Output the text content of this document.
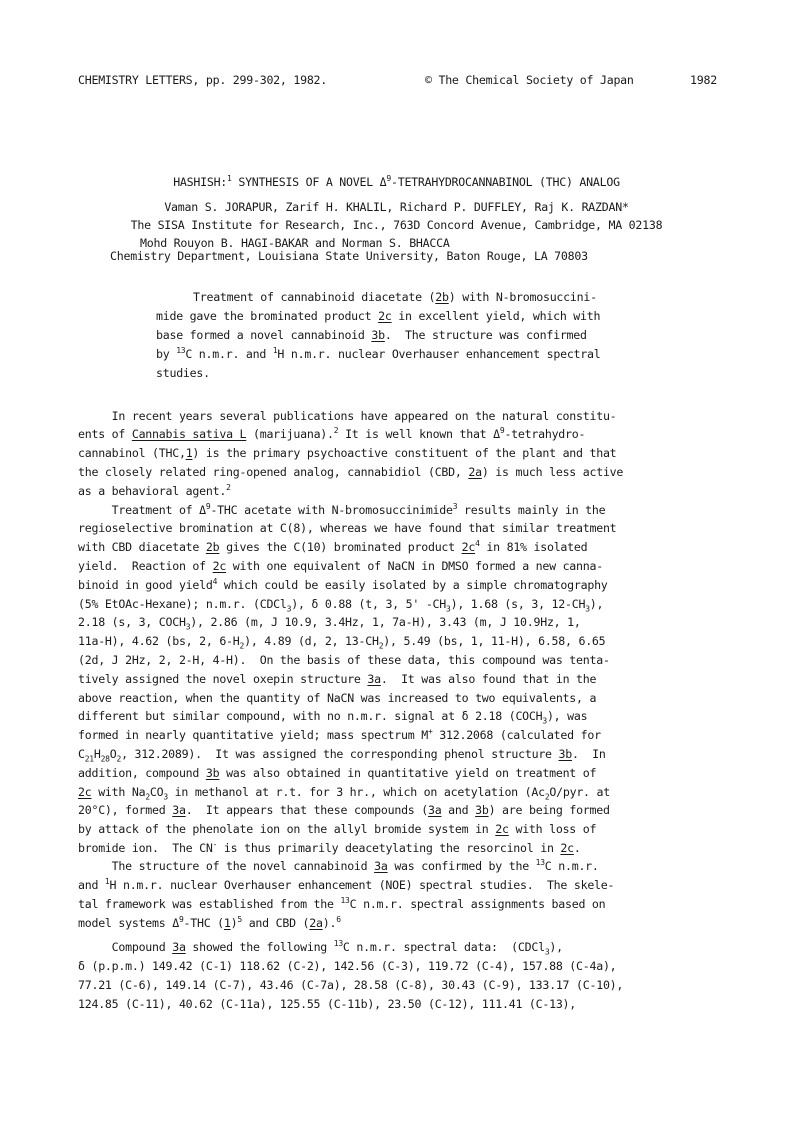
CHEMISTRY LETTERS, pp. 299-302, 1982.	© The Chemical Society of Japan	1982
HASHISH:$^1$ SYNTHESIS OF A NOVEL $\Delta^9$-TETRAHYDROCANNABINOL (THC) ANALOG
Vaman S. JORAPUR, Zarif H. KHALIL, Richard P. DUFFLEY, Raj K. RAZDAN*
The SISA Institute for Research, Inc., 763D Concord Avenue, Cambridge, MA 02138
Mohd Rouyon B. HAGI-BAKAR and Norman S. BHACCA
Chemistry Department, Louisiana State University, Baton Rouge, LA 70803
Treatment of cannabinoid diacetate (2b) with N-bromosuccini-
mide gave the brominated product 2c in excellent yield, which with
base formed a novel cannabinoid 3b.  The structure was confirmed
by $^{13}$C n.m.r. and $^1$H n.m.r. nuclear Overhauser enhancement spectral
studies.
In recent years several publications have appeared on the natural constitu-
ents of Cannabis sativa L (marijuana).$^2$ It is well known that $\Delta^9-tetrahydro-$
cannabinol (THC,1) is the primary psychoactive constituent of the plant and that
the closely related ring-opened analog, cannabidiol (CBD, 2a) is much less active
as a behavioral agent.$^2$
Treatment of $\Delta^9$-THC acetate with N-bromosuccinimide$^3$ results mainly in the
regioselective bromination at C(8), whereas we have found that similar treatment
with CBD diacetate 2b gives the C(10) brominated product $2c^4$ in 81% isolated
yield.  Reaction of 2c with one equivalent of NaCN in DMSO formed a new canna-
binoid in good yield$^4$ which could be easily isolated by a simple chromatography
(5% EtOAc-Hexane); n.m.r. (CDCl$_3$), δ 0.88 (t, 3, 5' $-CH_3$), 1.68 (s, 3, $12-CH_3$),
2.18 (s, 3, $COCH_3$), 2.86 (m, J 10.9, 3.4Hz, 1, 7a-H), 3.43 (m, J 10.9Hz, 1,
11a-H), 4.62 (bs, 2, $6-H_2$), 4.89 (d, 2, $13-CH_2$), 5.49 (bs, 1, 11-H), 6.58, 6.65
(2d, J 2Hz, 2, 2-H, 4-H).  On the basis of these data, this compound was tenta-
tively assigned the novel oxepin structure 3a.  It was also found that in the
above reaction, when the quantity of NaCN was increased to two equivalents, a
different but similar compound, with no n.m.r. signal at δ 2.18 $(COCH_3)$, was
formed in nearly quantitative yield; mass spectrum M+ 312.2068 (calculated for
$C_{21}H_{28}O_2$, 312.2089).  It was assigned the corresponding phenol structure 3b.  In
addition, compound 3b was also obtained in quantitative yield on treatment of
2c with $Na_2CO_3$ in methanol at r.t. for 3 hr., which on acetylation ($Ac_2O$/pyr. at
20°C), formed 3a.  It appears that these compounds (3a and 3b) are being formed
by attack of the phenolate ion on the allyl bromide system in 2c with loss of
bromide ion.  The CN- is thus primarily deacetylating the resorcinol in 2c.
The structure of the novel cannabinoid 3a was confirmed by the $^{13}$C n.m.r.
and $^1$H n.m.r. nuclear Overhauser enhancement (NOE) spectral studies.  The skele-
tal framework was established from the $^{13}$C n.m.r. spectral assignments based on
model systems $\Delta^9$-THC $(1)^5$ and CBD (2a).$^6$
Compound 3a showed the following $^{13}$C n.m.r. spectral data:  (CDCl$_3$),
δ (p.p.m.) 149.42 (C-1) 118.62 (C-2), 142.56 (C-3), 119.72 (C-4), 157.88 (C-4a),
77.21 (C-6), 149.14 (C-7), 43.46 (C-7a), 28.58 (C-8), 30.43 (C-9), 133.17 (C-10),
124.85 (C-11), 40.62 (C-11a), 125.55 (C-11b), 23.50 (C-12), 111.41 (C-13),
